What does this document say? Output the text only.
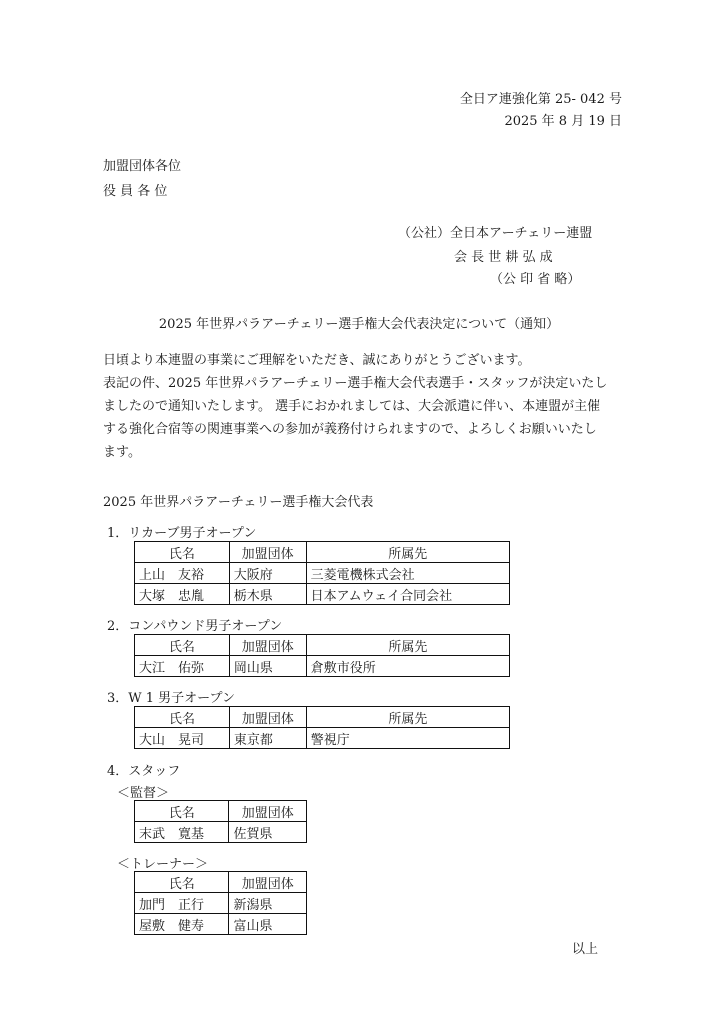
全日ア連強化第 25- 042 号
2025 年 8 月 19 日
加盟団体各位
役 員 各 位
（公社）全日本アーチェリー連盟
会 長 世 耕 弘 成
（公 印 省 略）
2025 年世界パラアーチェリー選手権大会代表決定について（通知）

日頃より本連盟の事業にご理解をいただき、誠にありがとうございます。

表記の件、2025 年世界パラアーチェリー選手権大会代表選手・スタッフが決定いたし

ましたので通知いたします。 選手におかれましては、大会派遣に伴い、本連盟が主催

する強化合宿等の関連事業への参加が義務付けられますので、よろしくお願いいたし

ます。

2025 年世界パラアーチェリー選手権大会代表
1．リカーブ男子オープン
氏名	加盟団体	所属先
上山　友裕	大阪府	三菱電機株式会社
大塚　忠胤	栃木県	日本アムウェイ合同会社
2．コンパウンド男子オープン
氏名	加盟団体	所属先
大江　佑弥	岡山県	倉敷市役所
3．W 1 男子オープン
氏名	加盟団体	所属先
大山　晃司	東京都	警視庁
4．スタッフ
＜監督＞
氏名	加盟団体
末武　寛基	佐賀県
＜トレーナー＞
氏名	加盟団体
加門　正行	新潟県
屋敷　健寿	富山県
以上
